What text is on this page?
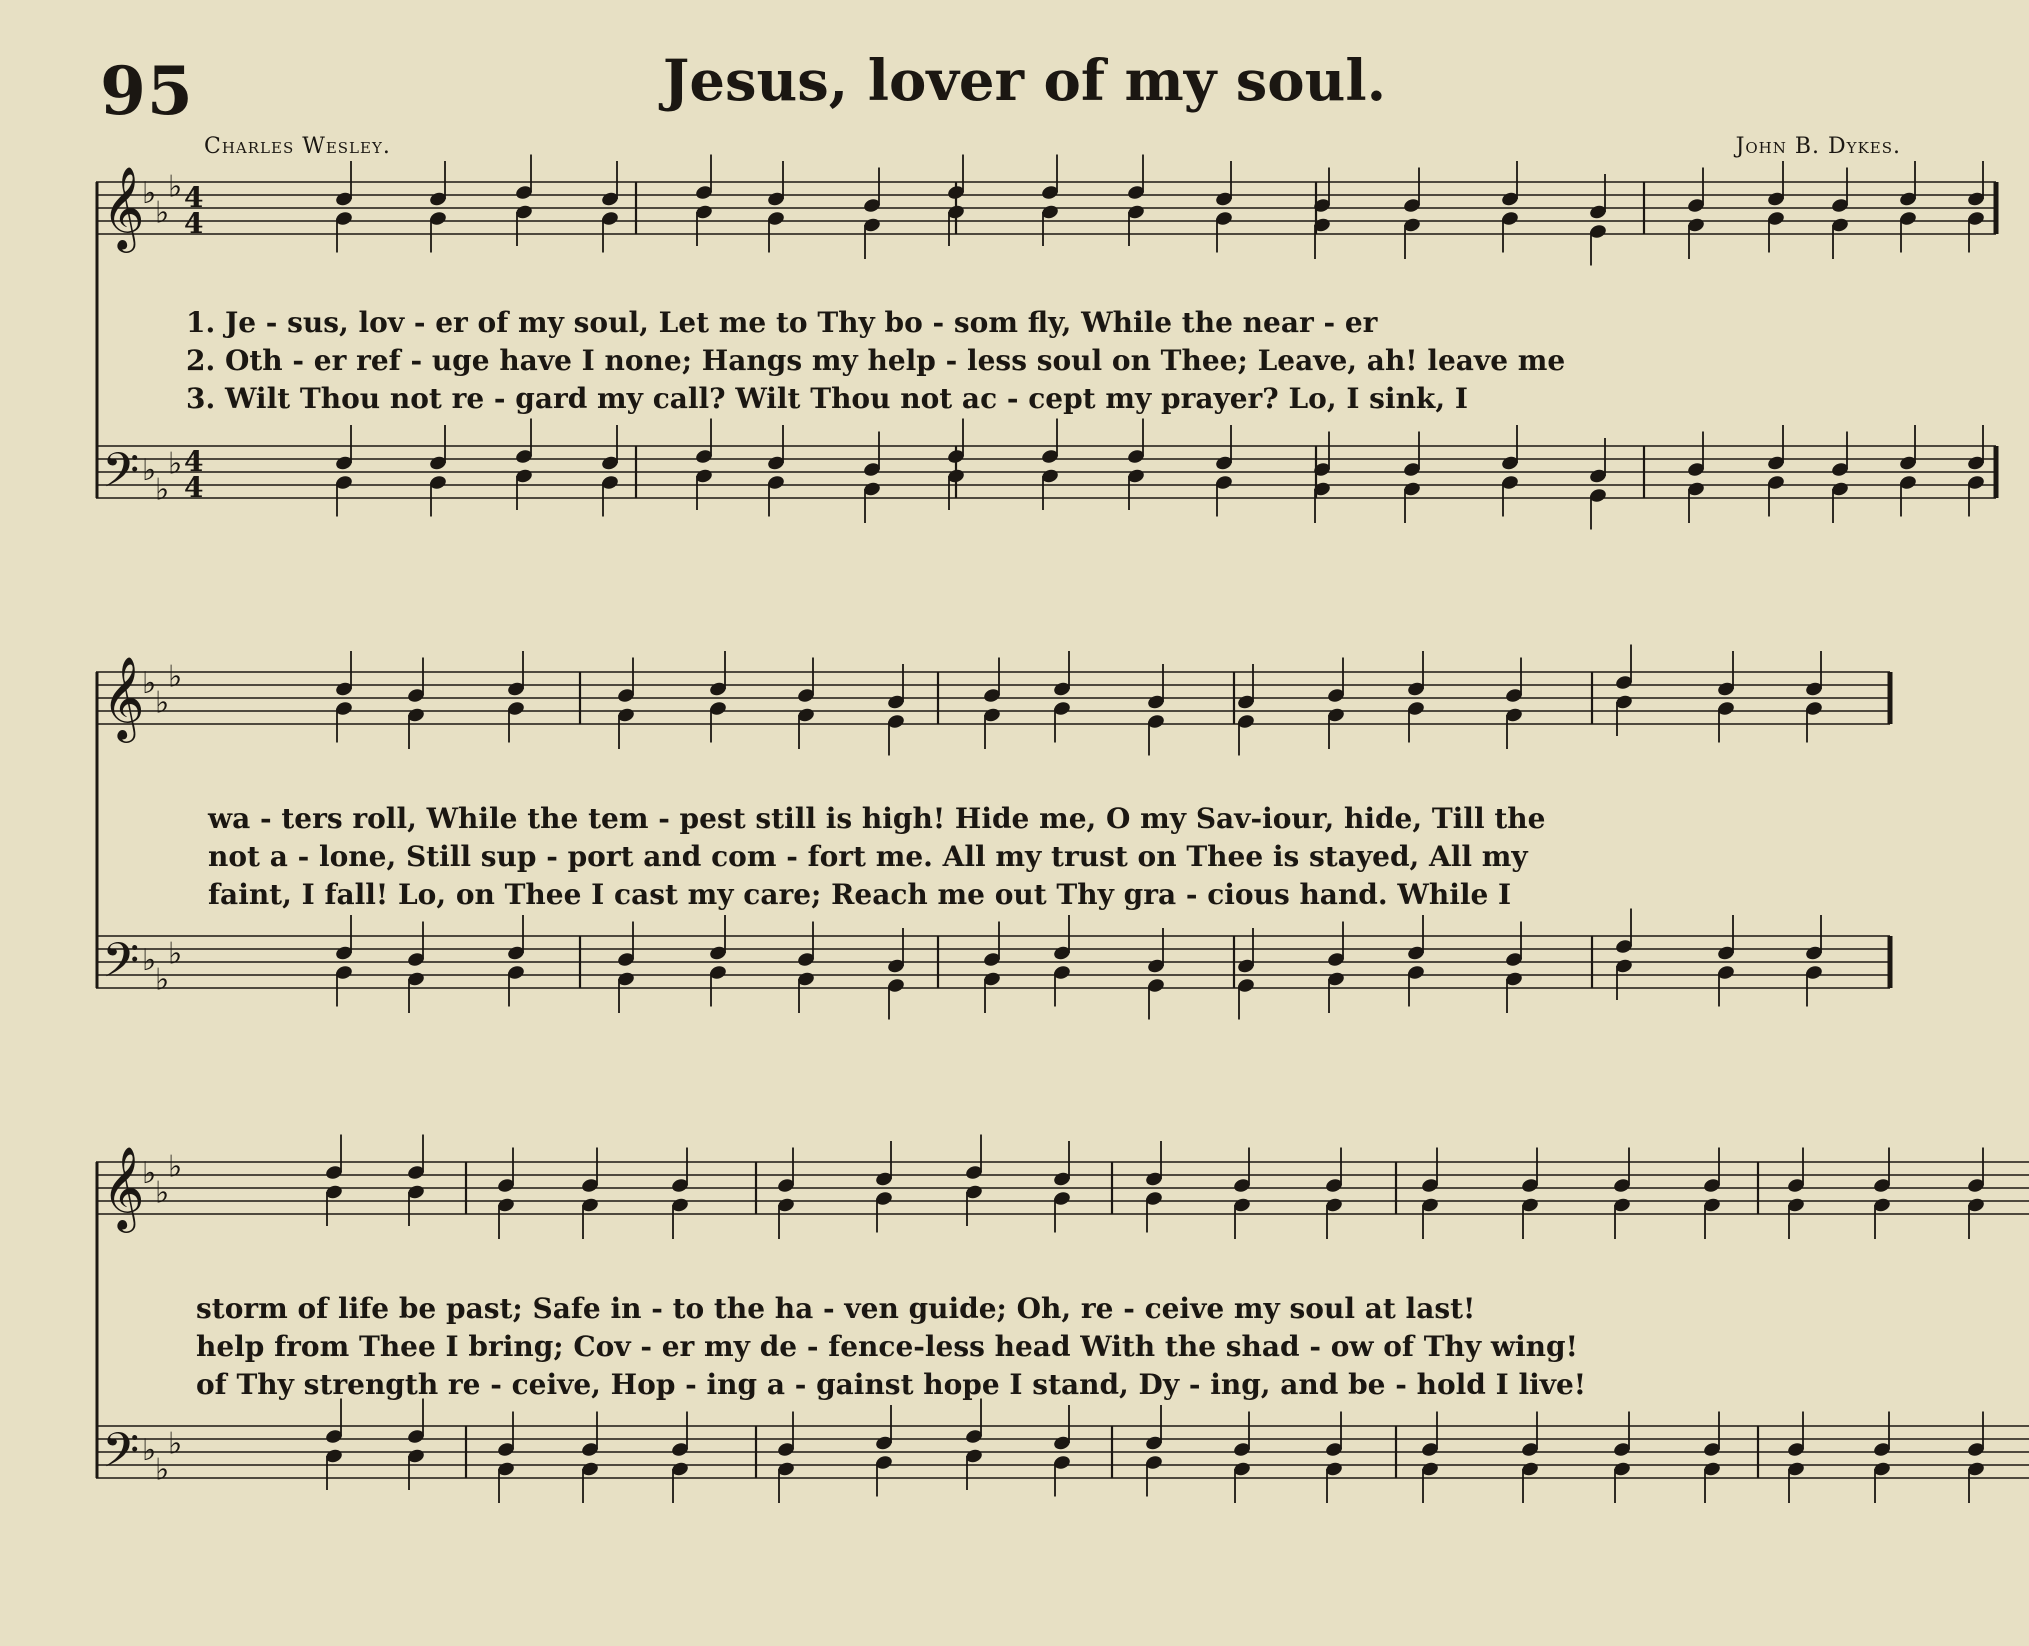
95	Jesus, lover of my soul.
Charles Wesley.	John B. Dykes.
𝄞
♭
♭
♭ 4
4
𝄢 ♭
♭
♭ 4
4
1. Je - sus, lov - er of my soul, Let me to Thy bo - som fly, While the near - er
2. Oth - er ref - uge have I none; Hangs my help - less soul on Thee; Leave, ah! leave me
3. Wilt Thou not re - gard my call? Wilt Thou not ac - cept my prayer? Lo, I sink, I
𝄞
♭
♭
♭
𝄢 ♭
♭
♭
wa - ters roll, While the tem - pest still is high! Hide me, O my Sav-iour, hide, Till the
not a - lone, Still sup - port and com - fort me. All my trust on Thee is stayed, All my
faint, I fall! Lo, on Thee I cast my care; Reach me out Thy gra - cious hand. While I
𝄞
♭
♭
♭
𝄢 ♭
♭
♭
storm of life be past; Safe in - to the ha - ven guide; Oh, re - ceive my soul at last!
help from Thee I bring; Cov - er my de - fence-less head With the shad - ow of Thy wing!
of Thy strength re - ceive, Hop - ing a - gainst hope I stand, Dy - ing, and be - hold I live!
